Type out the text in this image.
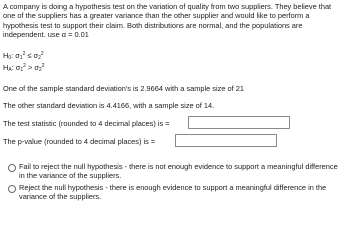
A company is doing a hypothesis test on the variation of quality from two suppliers. They believe that one of the suppliers has a greater variance than the other supplier and would like to perform a hypothesis test to support their claim. Both distributions are normal, and the populations are independent. use α = 0.01
$H_0$: $\sigma_1^2 \le \sigma_2^2$
$H_A$: $\sigma_1^2 > \sigma_2^2$
One of the sample standard deviation's is 2.9664 with a sample size of 21
The other standard deviation is 4.4166, with a sample size of 14.
The test statistic (rounded to 4 decimal places) is =
The p-value (rounded to 4 decimal places) is =
Fail to reject the null hypothesis - there is not enough evidence to support a meaningful difference in the variance of the suppliers.
Reject the null hypothesis - there is enough evidence to support a meaningful difference in the variance of the suppliers.
